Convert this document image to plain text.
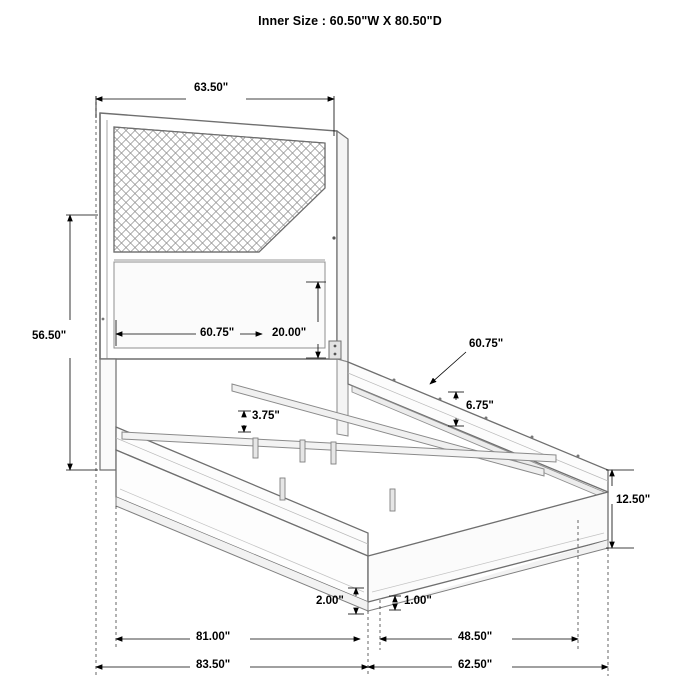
Inner Size : 60.50"W X 80.50"D
63.50"
56.50"	60.75"	20.00"
60.75"
6.75"
3.75"
12.50"
2.00"	1.00"
81.00"	48.50"
83.50"	62.50"
